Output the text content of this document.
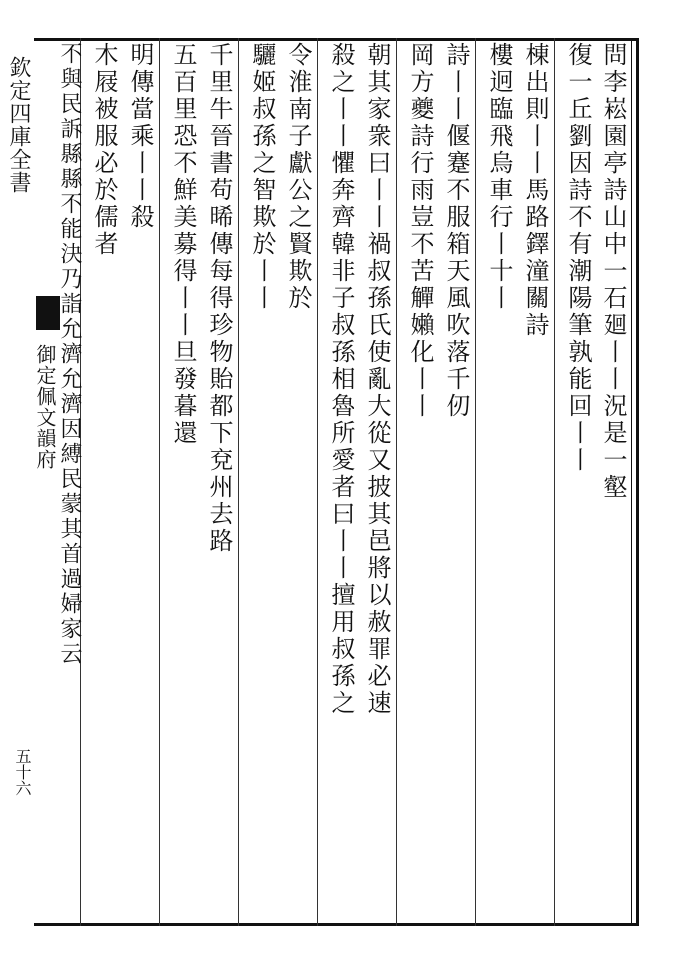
欽定四庫全書
御定佩文韻府
五十六
問李崧園亭詩山中一石廻丨丨況是一壑
復一丘劉因詩不有潮陽筆孰能回丨丨
棟出則丨丨馬路鐸潼關詩
樓迥臨飛烏車行丨十丨
詩丨丨偃蹇不服箱天風吹落千仞
岡方夔詩行雨豈不苦觶嬾化丨丨
朝其家衆曰丨丨禍叔孫氏使亂大從又披其邑將以赦罪必速
殺之丨丨懼奔齊韓非子叔孫相魯所愛者曰丨丨擅用叔孫之
令淮南子獻公之賢欺於
驪姬叔孫之智欺於丨丨
千里牛晉書苟晞傳每得珍物貽都下兗州去路
五百里恐不鮮美募得丨丨旦發暮還
明傳當乘丨丨殺
木屐被服必於儒者
不與民訴縣縣不能決乃詣允濟允濟因縛民蒙其首過婦家云
